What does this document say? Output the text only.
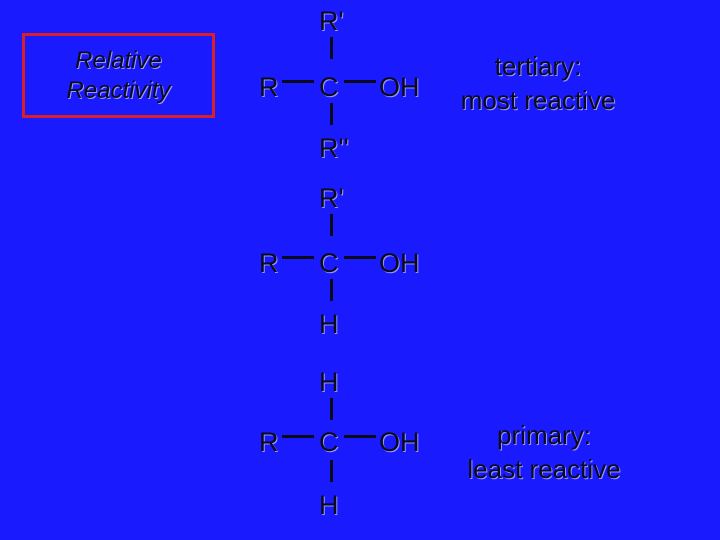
Relative
Reactivity
R'
R C OH
R''
tertiary:
most reactive
R'
R C OH
H
H
R C OH
H
primary:
least reactive
